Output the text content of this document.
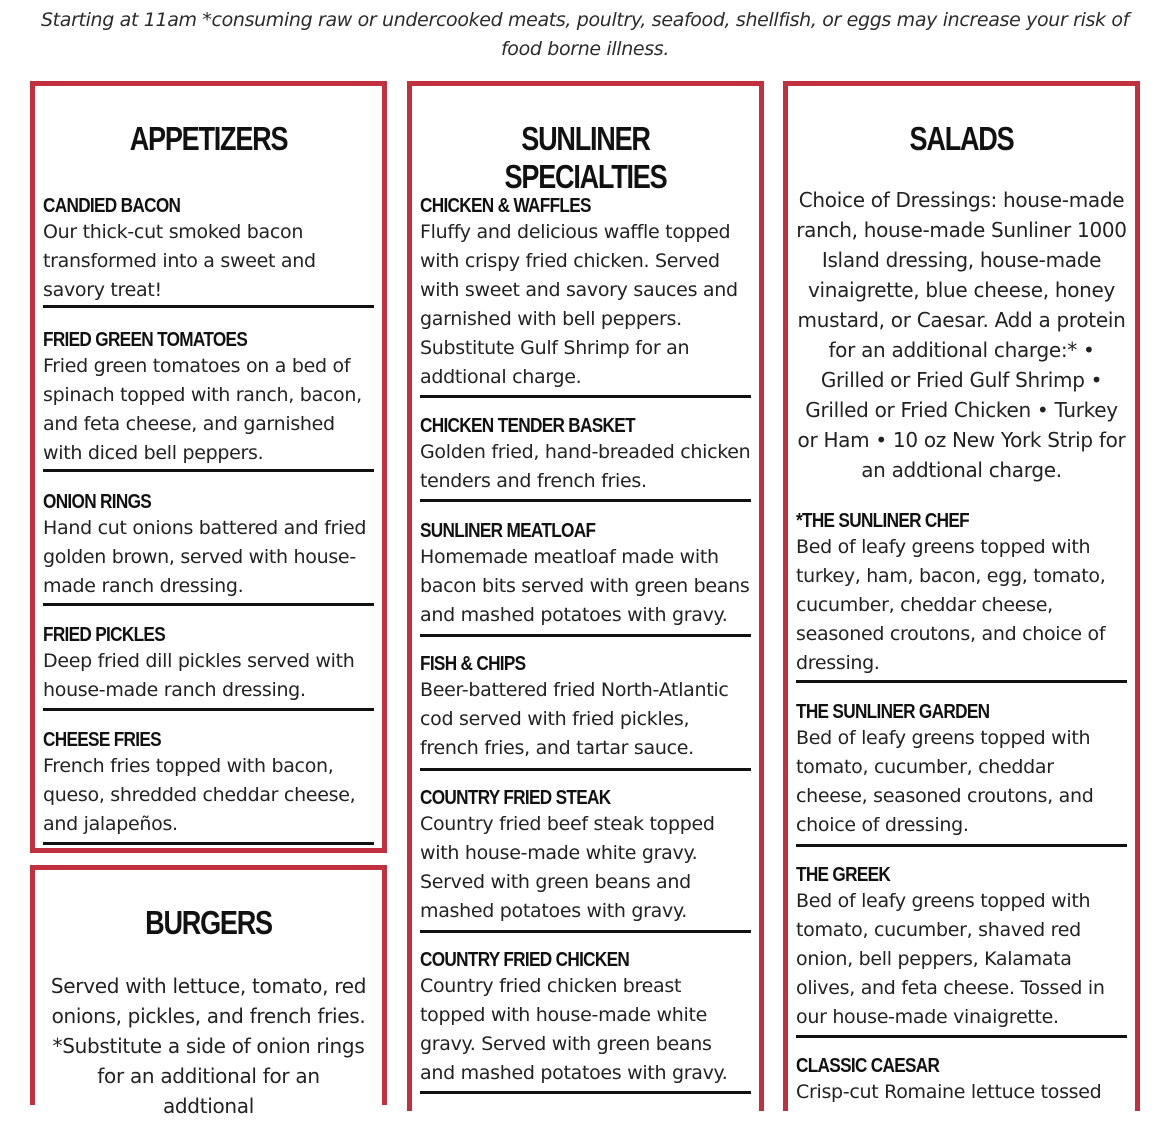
Starting at 11am *consuming raw or undercooked meats, poultry, seafood, shellfish, or eggs may increase your risk of food borne illness.
APPETIZERS
CANDIED BACON
Our thick-cut smoked bacon transformed into a sweet and savory treat!
FRIED GREEN TOMATOES
Fried green tomatoes on a bed of spinach topped with ranch, bacon, and feta cheese, and garnished with diced bell peppers.
ONION RINGS
Hand cut onions battered and fried golden brown, served with house-made ranch dressing.
FRIED PICKLES
Deep fried dill pickles served with house-made ranch dressing.
CHEESE FRIES
French fries topped with bacon, queso, shredded cheddar cheese, and jalapeños.
BURGERS
Served with lettuce, tomato, red onions, pickles, and french fries. *Substitute a side of onion rings for an additional for an addtional
SUNLINER SPECIALTIES
CHICKEN & WAFFLES
Fluffy and delicious waffle topped with crispy fried chicken. Served with sweet and savory sauces and garnished with bell peppers. Substitute Gulf Shrimp for an addtional charge.
CHICKEN TENDER BASKET
Golden fried, hand-breaded chicken tenders and french fries.
SUNLINER MEATLOAF
Homemade meatloaf made with bacon bits served with green beans and mashed potatoes with gravy.
FISH & CHIPS
Beer-battered fried North-Atlantic cod served with fried pickles, french fries, and tartar sauce.
COUNTRY FRIED STEAK
Country fried beef steak topped with house-made white gravy. Served with green beans and mashed potatoes with gravy.
COUNTRY FRIED CHICKEN
Country fried chicken breast topped with house-made white gravy. Served with green beans and mashed potatoes with gravy.
SALADS
Choice of Dressings: house-made ranch, house-made Sunliner 1000 Island dressing, house-made vinaigrette, blue cheese, honey mustard, or Caesar. Add a protein for an additional charge:* • Grilled or Fried Gulf Shrimp • Grilled or Fried Chicken • Turkey or Ham • 10 oz New York Strip for an addtional charge.
*THE SUNLINER CHEF
Bed of leafy greens topped with turkey, ham, bacon, egg, tomato, cucumber, cheddar cheese, seasoned croutons, and choice of dressing.
THE SUNLINER GARDEN
Bed of leafy greens topped with tomato, cucumber, cheddar cheese, seasoned croutons, and choice of dressing.
THE GREEK
Bed of leafy greens topped with tomato, cucumber, shaved red onion, bell peppers, Kalamata olives, and feta cheese. Tossed in our house-made vinaigrette.
CLASSIC CAESAR
Crisp-cut Romaine lettuce tossed
